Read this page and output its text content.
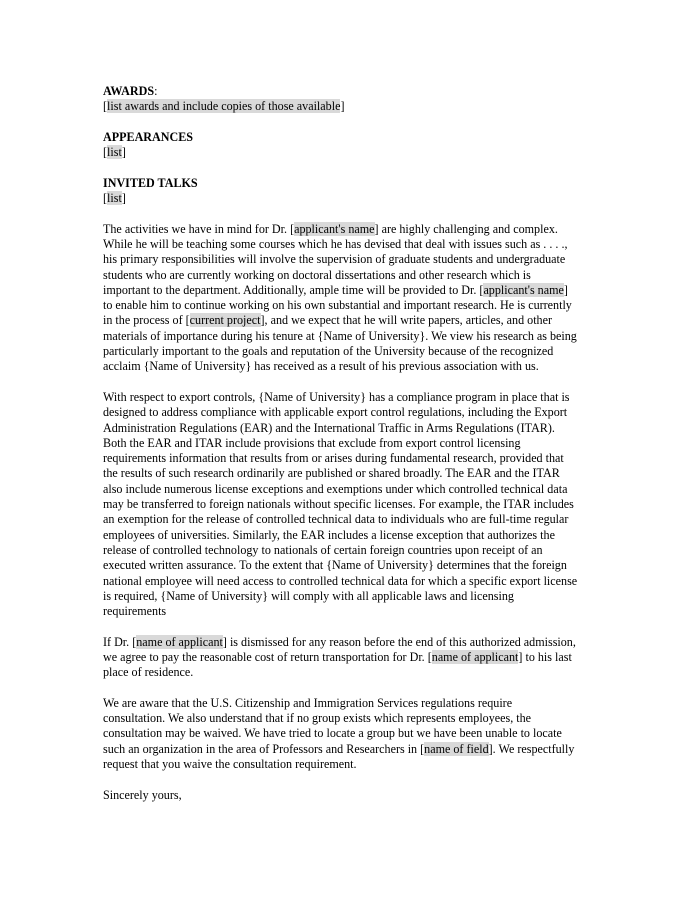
AWARDS:

[list awards and include copies of those available]

APPEARANCES

[list]

INVITED TALKS

[list]

The activities we have in mind for Dr. [applicant's name] are highly challenging and complex.
While he will be teaching some courses which he has devised that deal with issues such as . . . .,
his primary responsibilities will involve the supervision of graduate students and undergraduate
students who are currently working on doctoral dissertations and other research which is
important to the department. Additionally, ample time will be provided to Dr. [applicant's name]
to enable him to continue working on his own substantial and important research. He is currently
in the process of [current project], and we expect that he will write papers, articles, and other
materials of importance during his tenure at {Name of University}. We view his research as being
particularly important to the goals and reputation of the University because of the recognized
acclaim {Name of University} has received as a result of his previous association with us.
With respect to export controls, {Name of University} has a compliance program in place that is
designed to address compliance with applicable export control regulations, including the Export
Administration Regulations (EAR) and the International Traffic in Arms Regulations (ITAR).
Both the EAR and ITAR include provisions that exclude from export control licensing
requirements information that results from or arises during fundamental research, provided that
the results of such research ordinarily are published or shared broadly. The EAR and the ITAR
also include numerous license exceptions and exemptions under which controlled technical data
may be transferred to foreign nationals without specific licenses. For example, the ITAR includes
an exemption for the release of controlled technical data to individuals who are full-time regular
employees of universities. Similarly, the EAR includes a license exception that authorizes the
release of controlled technology to nationals of certain foreign countries upon receipt of an
executed written assurance. To the extent that {Name of University} determines that the foreign
national employee will need access to controlled technical data for which a specific export license
is required, {Name of University} will comply with all applicable laws and licensing
requirements
If Dr. [name of applicant] is dismissed for any reason before the end of this authorized admission,
we agree to pay the reasonable cost of return transportation for Dr. [name of applicant] to his last
place of residence.
We are aware that the U.S. Citizenship and Immigration Services regulations require
consultation. We also understand that if no group exists which represents employees, the
consultation may be waived. We have tried to locate a group but we have been unable to locate
such an organization in the area of Professors and Researchers in [name of field]. We respectfully
request that you waive the consultation requirement.

Sincerely yours,
